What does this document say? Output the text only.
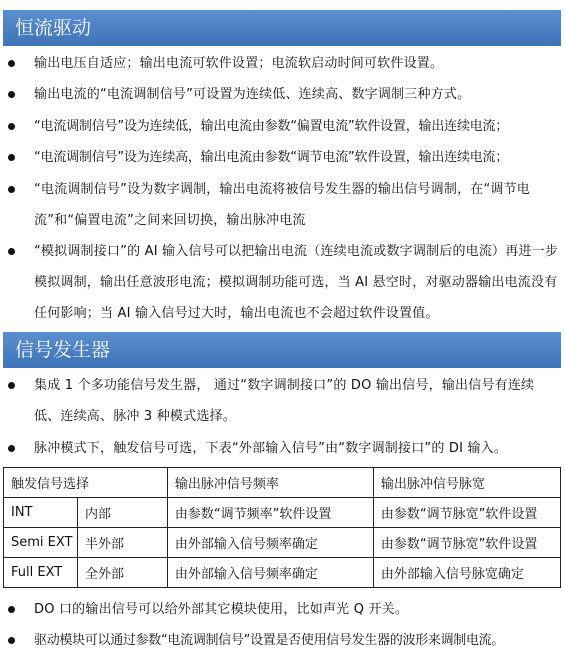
恒流驱动
输出电压自适应；输出电流可软件设置；电流软启动时间可软件设置。
输出电流的“电流调制信号”可设置为连续低、连续高、数字调制三种方式。
“电流调制信号”设为连续低，输出电流由参数“偏置电流”软件设置，输出连续电流；
“电流调制信号”设为连续高，输出电流由参数“调节电流”软件设置，输出连续电流；
“电流调制信号”设为数字调制，输出电流将被信号发生器的输出信号调制，在“调节电流”和“偏置电流”之间来回切换，输出脉冲电流
“模拟调制接口”的 AI 输入信号可以把输出电流（连续电流或数字调制后的电流）再进一步模拟调制，输出任意波形电流；模拟调制功能可选，当 AI 悬空时，对驱动器输出电流没有任何影响；当 AI 输入信号过大时，输出电流也不会超过软件设置值。
信号发生器
集成 1 个多功能信号发生器， 通过“数字调制接口”的 DO 输出信号，输出信号有连续低、连续高、脉冲 3 种模式选择。
脉冲模式下，触发信号可选，下表“外部输入信号”由“数字调制接口”的 DI 输入。
触发信号选择		输出脉冲信号频率	输出脉冲信号脉宽
INT	内部	由参数“调节频率”软件设置	由参数“调节脉宽”软件设置
Semi EXT	半外部	由外部输入信号频率确定	由参数“调节脉宽”软件设置
Full EXT	全外部	由外部输入信号频率确定	由外部输入信号脉宽确定
DO 口的输出信号可以给外部其它模块使用，比如声光 Q 开关。
驱动模块可以通过参数“电流调制信号”设置是否使用信号发生器的波形来调制电流。
